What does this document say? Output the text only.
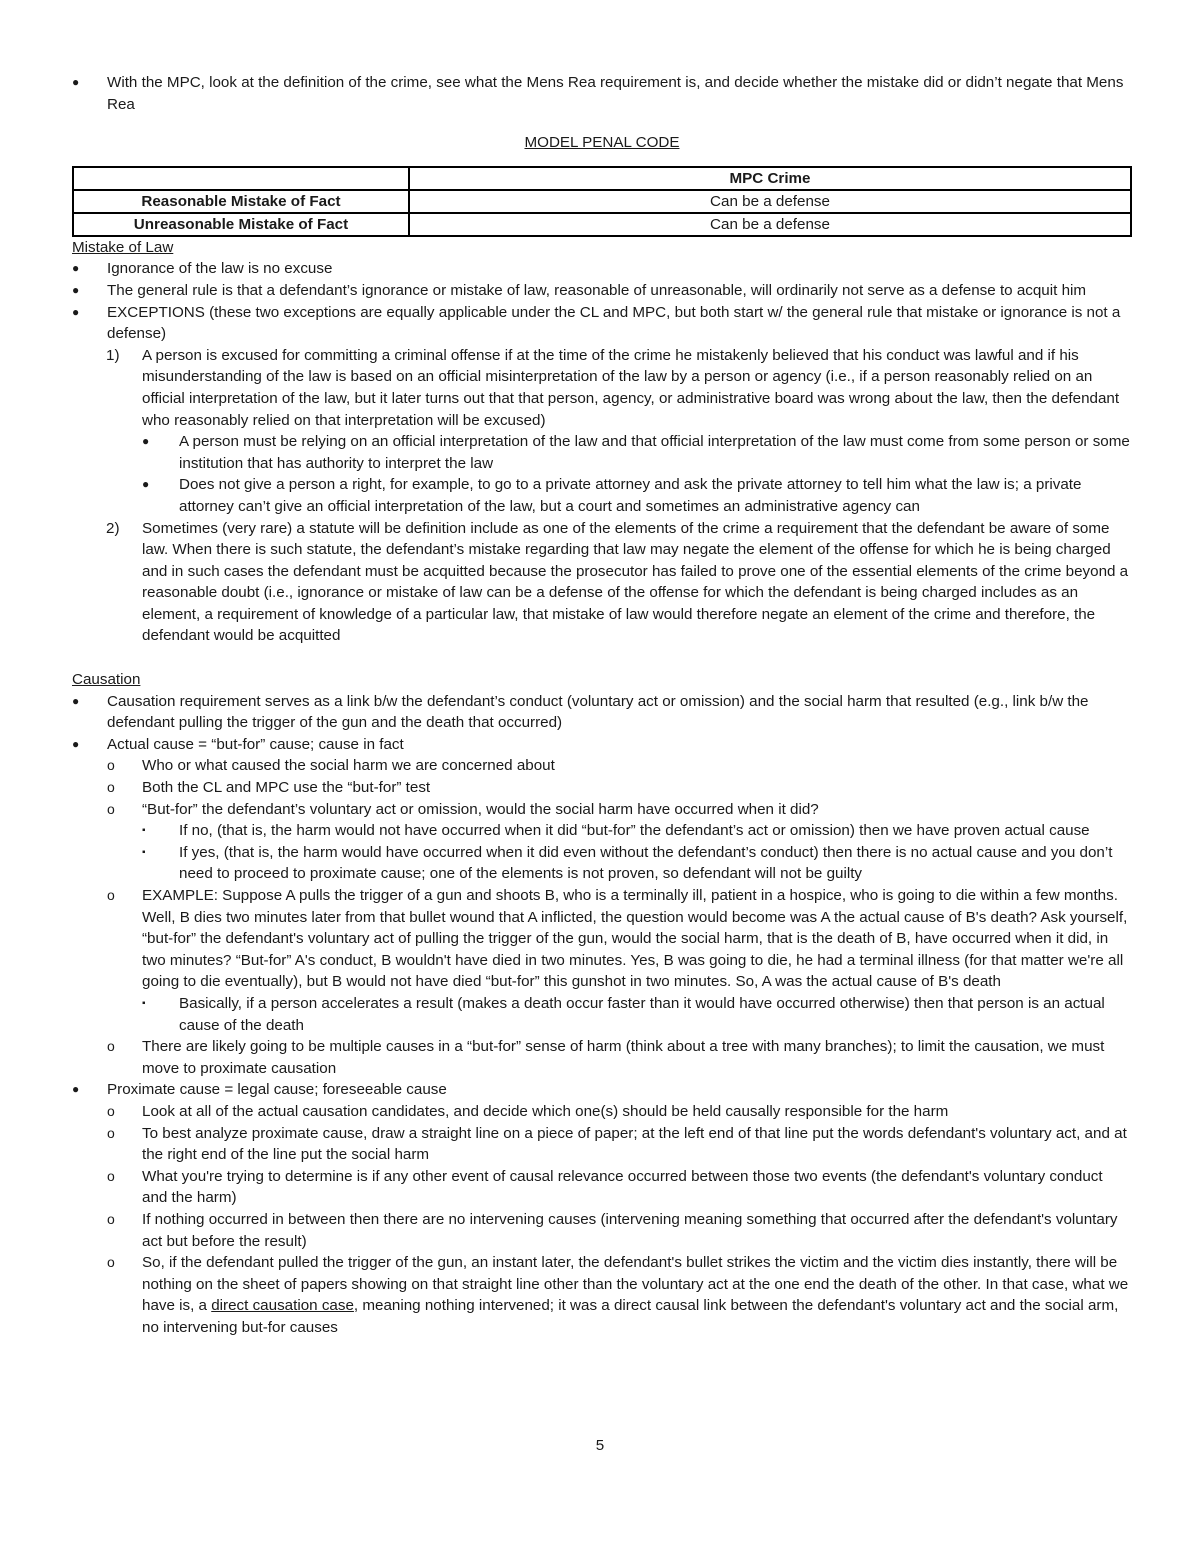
●	With the MPC, look at the definition of the crime, see what the Mens Rea requirement is, and decide whether the mistake did or didn’t negate that Mens Rea
MODEL PENAL CODE
	MPC Crime
Reasonable Mistake of Fact	Can be a defense
Unreasonable Mistake of Fact	Can be a defense
Mistake of Law
●	Ignorance of the law is no excuse
●	The general rule is that a defendant’s ignorance or mistake of law, reasonable of unreasonable, will ordinarily not serve as a defense to acquit him
●	EXCEPTIONS (these two exceptions are equally applicable under the CL and MPC, but both start w/ the general rule that mistake or ignorance is not a defense)
1)	A person is excused for committing a criminal offense if at the time of the crime he mistakenly believed that his conduct was lawful and if his misunderstanding of the law is based on an official misinterpretation of the law by a person or agency (i.e., if a person reasonably relied on an official interpretation of the law, but it later turns out that that person, agency, or administrative board was wrong about the law, then the defendant who reasonably relied on that interpretation will be excused)
●	A person must be relying on an official interpretation of the law and that official interpretation of the law must come from some person or some institution that has authority to interpret the law
●	Does not give a person a right, for example, to go to a private attorney and ask the private attorney to tell him what the law is; a private attorney can’t give an official interpretation of the law, but a court and sometimes an administrative agency can
2)	Sometimes (very rare) a statute will be definition include as one of the elements of the crime a requirement that the defendant be aware of some law. When there is such statute, the defendant’s mistake regarding that law may negate the element of the offense for which he is being charged and in such cases the defendant must be acquitted because the prosecutor has failed to prove one of the essential elements of the crime beyond a reasonable doubt (i.e., ignorance or mistake of law can be a defense of the offense for which the defendant is being charged includes as an element, a requirement of knowledge of a particular law, that mistake of law would therefore negate an element of the crime and therefore, the defendant would be acquitted
Causation
●	Causation requirement serves as a link b/w the defendant’s conduct (voluntary act or omission) and the social harm that resulted (e.g., link b/w the defendant pulling the trigger of the gun and the death that occurred)
●	Actual cause = “but-for” cause; cause in fact
o	Who or what caused the social harm we are concerned about
o	Both the CL and MPC use the “but-for” test
o	“But-for” the defendant’s voluntary act or omission, would the social harm have occurred when it did?
▪	If no, (that is, the harm would not have occurred when it did “but-for” the defendant’s act or omission) then we have proven actual cause
▪	If yes, (that is, the harm would have occurred when it did even without the defendant’s conduct) then there is no actual cause and you don’t need to proceed to proximate cause; one of the elements is not proven, so defendant will not be guilty
o	EXAMPLE: Suppose A pulls the trigger of a gun and shoots B, who is a terminally ill, patient in a hospice, who is going to die within a few months. Well, B dies two minutes later from that bullet wound that A inflicted, the question would become was A the actual cause of B's death? Ask yourself, “but-for” the defendant's voluntary act of pulling the trigger of the gun, would the social harm, that is the death of B, have occurred when it did, in two minutes? “But-for” A's conduct, B wouldn't have died in two minutes. Yes, B was going to die, he had a terminal illness (for that matter we're all going to die eventually), but B would not have died “but-for” this gunshot in two minutes. So, A was the actual cause of B's death
▪	Basically, if a person accelerates a result (makes a death occur faster than it would have occurred otherwise) then that person is an actual cause of the death
o	There are likely going to be multiple causes in a “but-for” sense of harm (think about a tree with many branches); to limit the causation, we must move to proximate causation
●	Proximate cause = legal cause; foreseeable cause
o	Look at all of the actual causation candidates, and decide which one(s) should be held causally responsible for the harm
o	To best analyze proximate cause, draw a straight line on a piece of paper; at the left end of that line put the words defendant's voluntary act, and at the right end of the line put the social harm
o	What you're trying to determine is if any other event of causal relevance occurred between those two events (the defendant's voluntary conduct and the harm)
o	If nothing occurred in between then there are no intervening causes (intervening meaning something that occurred after the defendant's voluntary act but before the result)
o	So, if the defendant pulled the trigger of the gun, an instant later, the defendant's bullet strikes the victim and the victim dies instantly, there will be nothing on the sheet of papers showing on that straight line other than the voluntary act at the one end the death of the other. In that case, what we have is, a direct causation case, meaning nothing intervened; it was a direct causal link between the defendant's voluntary act and the social arm, no intervening but-for causes
5
